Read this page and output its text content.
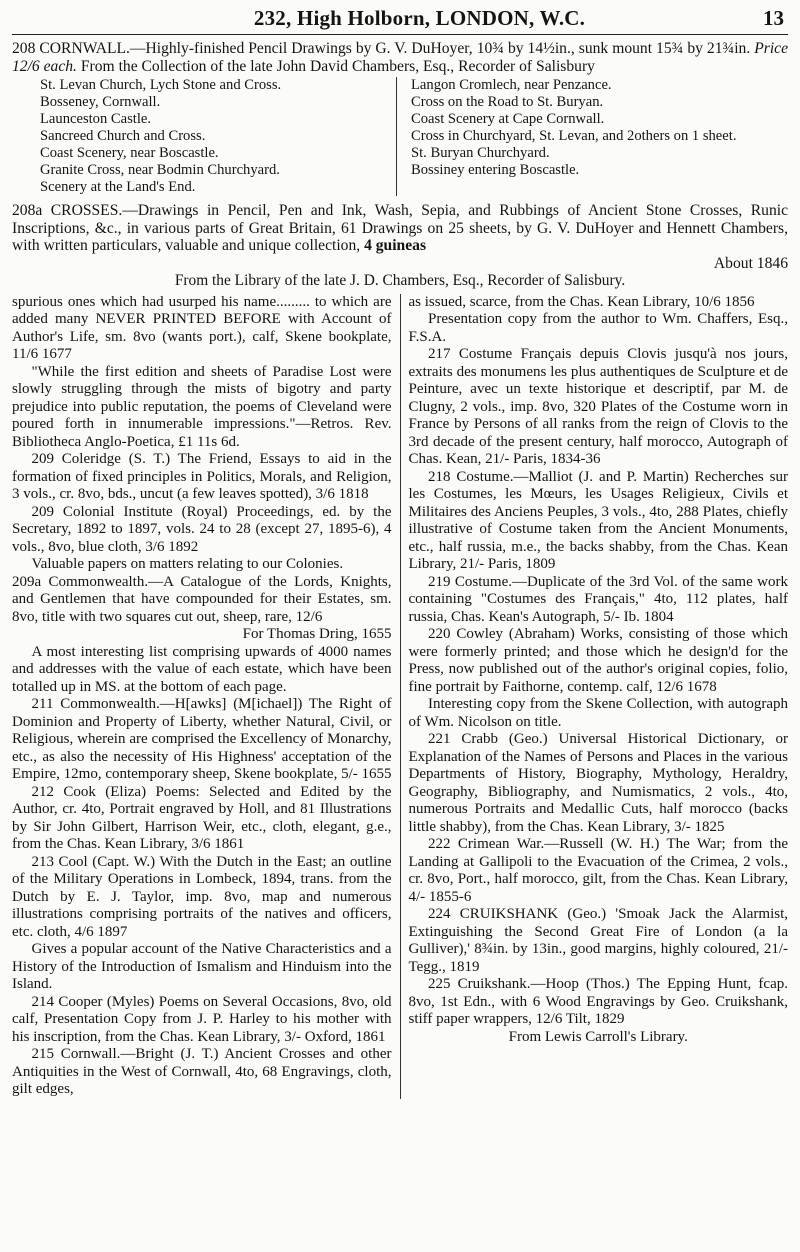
232, High Holborn, LONDON, W.C.	13
208 CORNWALL.—Highly-finished Pencil Drawings by G. V. DuHoyer, 10¾ by 14½in., sunk mount 15¾ by 21¾in. Price 12/6 each. From the Collection of the late John David Chambers, Esq., Recorder of Salisbury
St. Levan Church, Lych Stone and Cross.
Bosseney, Cornwall.
Launceston Castle.
Sancreed Church and Cross.
Coast Scenery, near Boscastle.
Granite Cross, near Bodmin Churchyard.
Scenery at the Land's End.
Langon Cromlech, near Penzance.
Cross on the Road to St. Buryan.
Coast Scenery at Cape Cornwall.
Cross in Churchyard, St. Levan, and 2others on 1 sheet.
St. Buryan Churchyard.
Bossiney entering Boscastle.
208a CROSSES.—Drawings in Pencil, Pen and Ink, Wash, Sepia, and Rubbings of Ancient Stone Crosses, Runic Inscriptions, &c., in various parts of Great Britain, 61 Drawings on 25 sheets, by G. V. DuHoyer and Hennett Chambers, with written particulars, valuable and unique collection, 4 guineas
About 1846
From the Library of the late J. D. Chambers, Esq., Recorder of Salisbury.

spurious ones which had usurped his name......... to which are added many NEVER PRINTED BEFORE with Account of Author's Life, sm. 8vo (wants port.), calf, Skene bookplate, 11/6 1677

"While the first edition and sheets of Paradise Lost were slowly struggling through the mists of bigotry and party prejudice into public reputation, the poems of Cleveland were poured forth in innumerable impressions."—Retros. Rev. Bibliotheca Anglo-Poetica, £1 11s 6d.

209 Coleridge (S. T.) The Friend, Essays to aid in the formation of fixed principles in Politics, Morals, and Religion, 3 vols., cr. 8vo, bds., uncut (a few leaves spotted), 3/6 1818

209 Colonial Institute (Royal) Proceedings, ed. by the Secretary, 1892 to 1897, vols. 24 to 28 (except 27, 1895-6), 4 vols., 8vo, blue cloth, 3/6 1892

Valuable papers on matters relating to our Colonies.

209a Commonwealth.—A Catalogue of the Lords, Knights, and Gentlemen that have compounded for their Estates, sm. 8vo, title with two squares cut out, sheep, rare, 12/6

For Thomas Dring, 1655

A most interesting list comprising upwards of 4000 names and addresses with the value of each estate, which have been totalled up in MS. at the bottom of each page.

211 Commonwealth.—H[awks] (M[ichael]) The Right of Dominion and Property of Liberty, whether Natural, Civil, or Religious, wherein are comprised the Excellency of Monarchy, etc., as also the necessity of His Highness' acceptation of the Empire, 12mo, contemporary sheep, Skene bookplate, 5/- 1655

212 Cook (Eliza) Poems: Selected and Edited by the Author, cr. 4to, Portrait engraved by Holl, and 81 Illustrations by Sir John Gilbert, Harrison Weir, etc., cloth, elegant, g.e., from the Chas. Kean Library, 3/6 1861

213 Cool (Capt. W.) With the Dutch in the East; an outline of the Military Operations in Lombeck, 1894, trans. from the Dutch by E. J. Taylor, imp. 8vo, map and numerous illustrations comprising portraits of the natives and officers, etc. cloth, 4/6 1897

Gives a popular account of the Native Characteristics and a History of the Introduction of Ismalism and Hinduism into the Island.

214 Cooper (Myles) Poems on Several Occasions, 8vo, old calf, Presentation Copy from J. P. Harley to his mother with his inscription, from the Chas. Kean Library, 3/- Oxford, 1861

215 Cornwall.—Bright (J. T.) Ancient Crosses and other Antiquities in the West of Cornwall, 4to, 68 Engravings, cloth, gilt edges,

as issued, scarce, from the Chas. Kean Library, 10/6 1856

Presentation copy from the author to Wm. Chaffers, Esq., F.S.A.

217 Costume Français depuis Clovis jusqu'à nos jours, extraits des monumens les plus authentiques de Sculpture et de Peinture, avec un texte historique et descriptif, par M. de Clugny, 2 vols., imp. 8vo, 320 Plates of the Costume worn in France by Persons of all ranks from the reign of Clovis to the 3rd decade of the present century, half morocco, Autograph of Chas. Kean, 21/- Paris, 1834-36

218 Costume.—Malliot (J. and P. Martin) Recherches sur les Costumes, les Mœurs, les Usages Religieux, Civils et Militaires des Anciens Peuples, 3 vols., 4to, 288 Plates, chiefly illustrative of Costume taken from the Ancient Monuments, etc., half russia, m.e., the backs shabby, from the Chas. Kean Library, 21/- Paris, 1809

219 Costume.—Duplicate of the 3rd Vol. of the same work containing "Costumes des Français," 4to, 112 plates, half russia, Chas. Kean's Autograph, 5/- Ib. 1804

220 Cowley (Abraham) Works, consisting of those which were formerly printed; and those which he design'd for the Press, now published out of the author's original copies, folio, fine portrait by Faithorne, contemp. calf, 12/6 1678

Interesting copy from the Skene Collection, with autograph of Wm. Nicolson on title.

221 Crabb (Geo.) Universal Historical Dictionary, or Explanation of the Names of Persons and Places in the various Departments of History, Biography, Mythology, Heraldry, Geography, Bibliography, and Numismatics, 2 vols., 4to, numerous Portraits and Medallic Cuts, half morocco (backs little shabby), from the Chas. Kean Library, 3/- 1825

222 Crimean War.—Russell (W. H.) The War; from the Landing at Gallipoli to the Evacuation of the Crimea, 2 vols., cr. 8vo, Port., half morocco, gilt, from the Chas. Kean Library, 4/- 1855-6

224 CRUIKSHANK (Geo.) 'Smoak Jack the Alarmist, Extinguishing the Second Great Fire of London (a la Gulliver),' 8¾in. by 13in., good margins, highly coloured, 21/- Tegg., 1819

225 Cruikshank.—Hoop (Thos.) The Epping Hunt, fcap. 8vo, 1st Edn., with 6 Wood Engravings by Geo. Cruikshank, stiff paper wrappers, 12/6 Tilt, 1829

From Lewis Carroll's Library.
